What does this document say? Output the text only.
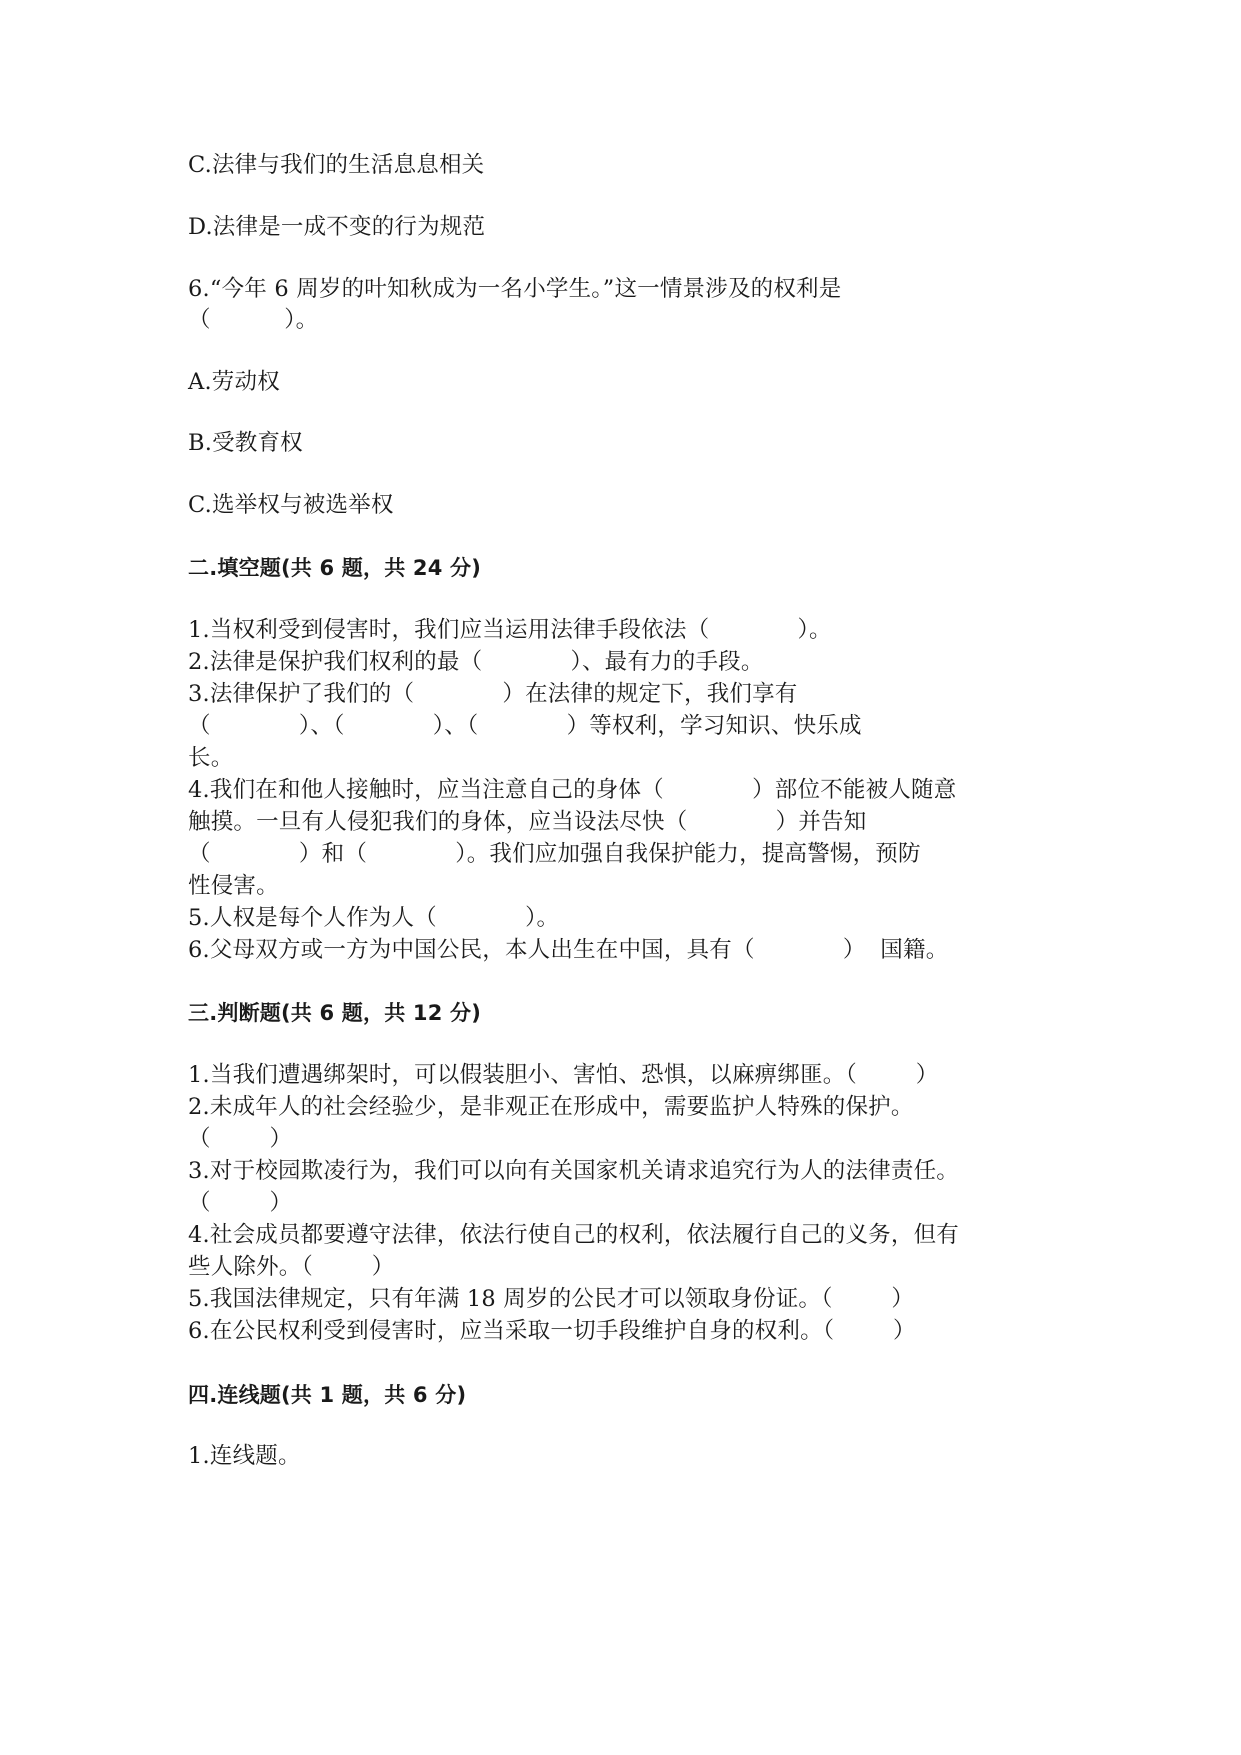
C.法律与我们的生活息息相关
D.法律是一成不变的行为规范
6.“今年 6 周岁的叶知秋成为一名小学生。”这一情景涉及的权利是
（          ）。
A.劳动权
B.受教育权
C.选举权与被选举权
二.填空题(共 6 题，共 24 分)
1.当权利受到侵害时，我们应当运用法律手段依法（            ）。
2.法律是保护我们权利的最（            ）、最有力的手段。
3.法律保护了我们的（            ）在法律的规定下，我们享有
（            ）、（            ）、（            ）等权利，学习知识、快乐成
长。
4.我们在和他人接触时，应当注意自己的身体（            ）部位不能被人随意
触摸。一旦有人侵犯我们的身体，应当设法尽快（            ）并告知
（            ）和（            ）。我们应加强自我保护能力，提高警惕，预防
性侵害。
5.人权是每个人作为人（            ）。
6.父母双方或一方为中国公民，本人出生在中国，具有（            ）  国籍。
三.判断题(共 6 题，共 12 分)
1.当我们遭遇绑架时，可以假装胆小、害怕、恐惧，以麻痹绑匪。（        ）
2.未成年人的社会经验少，是非观正在形成中，需要监护人特殊的保护。
（        ）
3.对于校园欺凌行为，我们可以向有关国家机关请求追究行为人的法律责任。
（        ）
4.社会成员都要遵守法律，依法行使自己的权利，依法履行自己的义务，但有
些人除外。（        ）
5.我国法律规定，只有年满 18 周岁的公民才可以领取身份证。（        ）
6.在公民权利受到侵害时，应当采取一切手段维护自身的权利。（        ）
四.连线题(共 1 题，共 6 分)
1.连线题。
